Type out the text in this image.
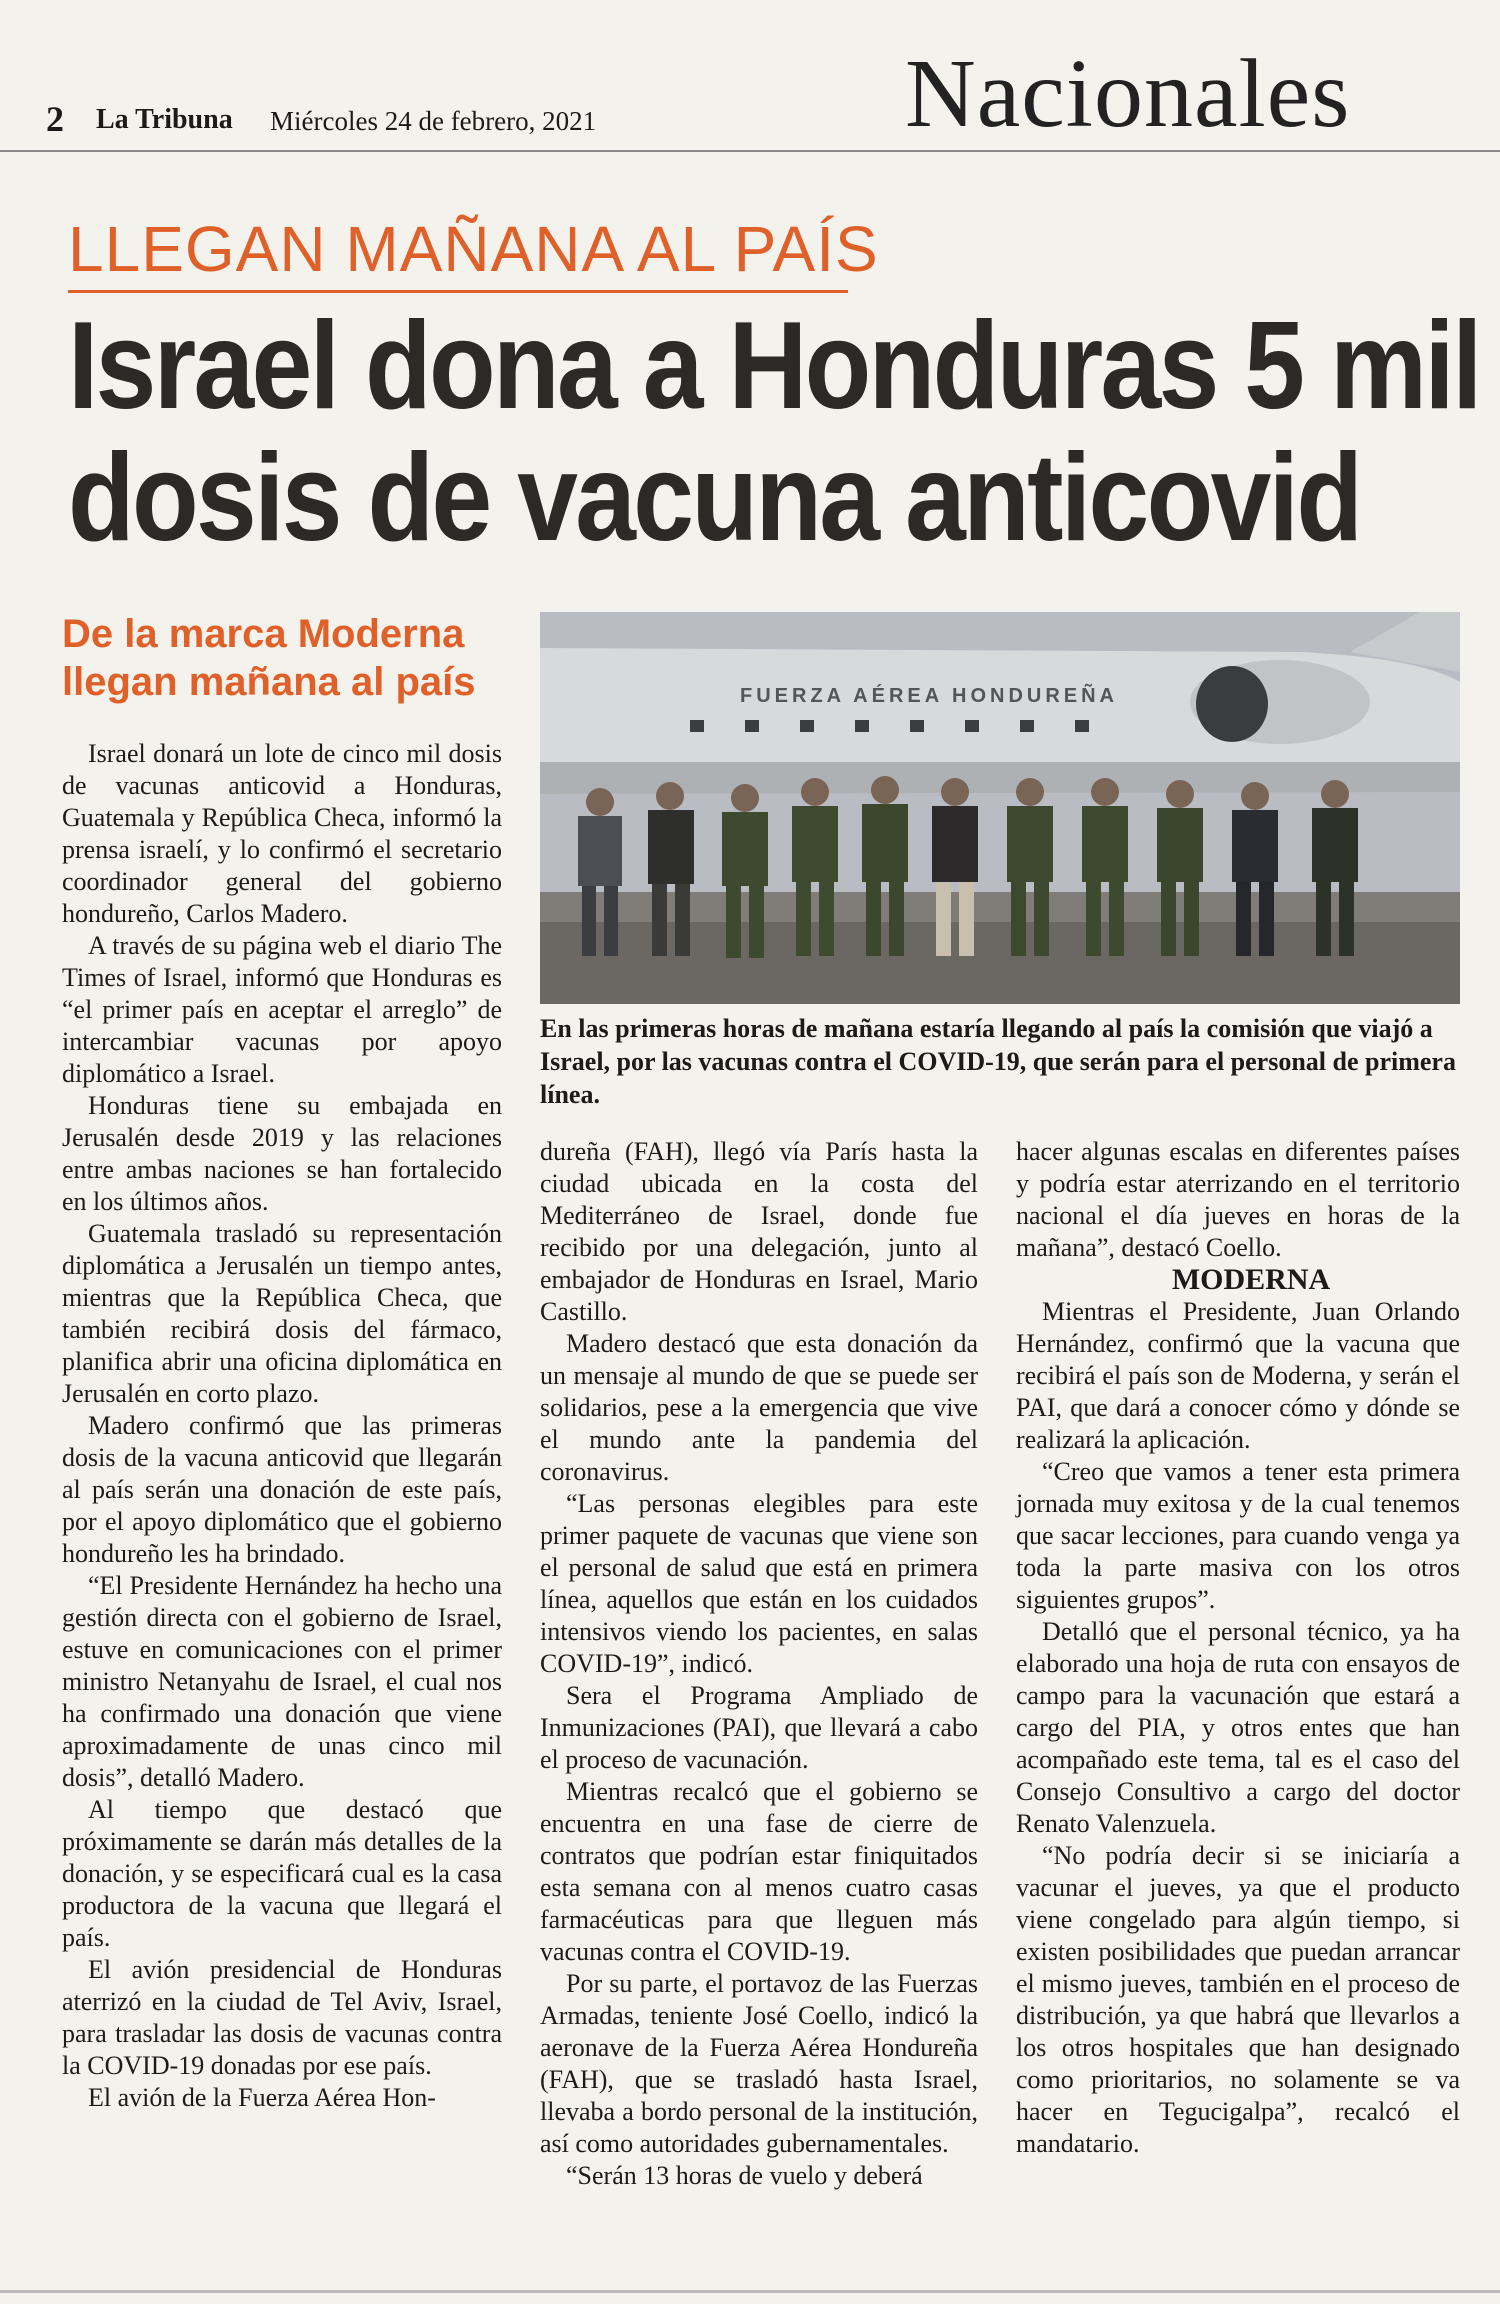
2 La Tribuna Miércoles 24 de febrero, 2021	Nacionales
LLEGAN MAÑANA AL PAÍS
Israel dona a Honduras 5 mil
dosis de vacuna anticovid
De la marca Moderna llegan mañana al país	FUERZA AÉREA HONDUREÑA
En las primeras horas de mañana estaría llegando al país la comisión que viajó a Israel, por las vacunas contra el COVID-19, que serán para el personal de primera línea.

Israel donará un lote de cinco mil dosis de vacunas anticovid a Honduras, Guatemala y República Checa, informó la prensa israelí, y lo confirmó el secretario coordinador general del gobierno hondureño, Carlos Madero.

A través de su página web el diario The Times of Israel, informó que Honduras es “el primer país en aceptar el arreglo” de intercambiar vacunas por apoyo diplomático a Israel.

Honduras tiene su embajada en Jerusalén desde 2019 y las relaciones entre ambas naciones se han fortalecido en los últimos años.

Guatemala trasladó su representación diplomática a Jerusalén un tiempo antes, mientras que la República Checa, que también recibirá dosis del fármaco, planifica abrir una oficina diplomática en Jerusalén en corto plazo.

Madero confirmó que las primeras dosis de la vacuna anticovid que llegarán al país serán una donación de este país, por el apoyo diplomático que el gobierno hondureño les ha brindado.

“El Presidente Hernández ha hecho una gestión directa con el gobierno de Israel, estuve en comunicaciones con el primer ministro Netanyahu de Israel, el cual nos ha confirmado una donación que viene aproximadamente de unas cinco mil dosis”, detalló Madero.

Al tiempo que destacó que próximamente se darán más detalles de la donación, y se especificará cual es la casa productora de la vacuna que llegará el país.

El avión presidencial de Honduras aterrizó en la ciudad de Tel Aviv, Israel, para trasladar las dosis de vacunas contra la COVID-19 donadas por ese país.

El avión de la Fuerza Aérea Hon-

dureña (FAH), llegó vía París hasta la ciudad ubicada en la costa del Mediterráneo de Israel, donde fue recibido por una delegación, junto al embajador de Honduras en Israel, Mario Castillo.

Madero destacó que esta donación da un mensaje al mundo de que se puede ser solidarios, pese a la emergencia que vive el mundo ante la pandemia del coronavirus.

“Las personas elegibles para este primer paquete de vacunas que viene son el personal de salud que está en primera línea, aquellos que están en los cuidados intensivos viendo los pacientes, en salas COVID-19”, indicó.

Sera el Programa Ampliado de Inmunizaciones (PAI), que llevará a cabo el proceso de vacunación.

Mientras recalcó que el gobierno se encuentra en una fase de cierre de contratos que podrían estar finiquitados esta semana con al menos cuatro casas farmacéuticas para que lleguen más vacunas contra el COVID-19.

Por su parte, el portavoz de las Fuerzas Armadas, teniente José Coello, indicó la aeronave de la Fuerza Aérea Hondureña (FAH), que se trasladó hasta Israel, llevaba a bordo personal de la institución, así como autoridades gubernamentales.

“Serán 13 horas de vuelo y deberá

hacer algunas escalas en diferentes países y podría estar aterrizando en el territorio nacional el día jueves en horas de la mañana”, destacó Coello.

MODERNA

Mientras el Presidente, Juan Orlando Hernández, confirmó que la vacuna que recibirá el país son de Moderna, y serán el PAI, que dará a conocer cómo y dónde se realizará la aplicación.

“Creo que vamos a tener esta primera jornada muy exitosa y de la cual tenemos que sacar lecciones, para cuando venga ya toda la parte masiva con los otros siguientes grupos”.

Detalló que el personal técnico, ya ha elaborado una hoja de ruta con ensayos de campo para la vacunación que estará a cargo del PIA, y otros entes que han acompañado este tema, tal es el caso del Consejo Consultivo a cargo del doctor Renato Valenzuela.

“No podría decir si se iniciaría a vacunar el jueves, ya que el producto viene congelado para algún tiempo, si existen posibilidades que puedan arrancar el mismo jueves, también en el proceso de distribución, ya que habrá que llevarlos a los otros hospitales que han designado como prioritarios, no solamente se va hacer en Tegucigalpa”, recalcó el mandatario.
